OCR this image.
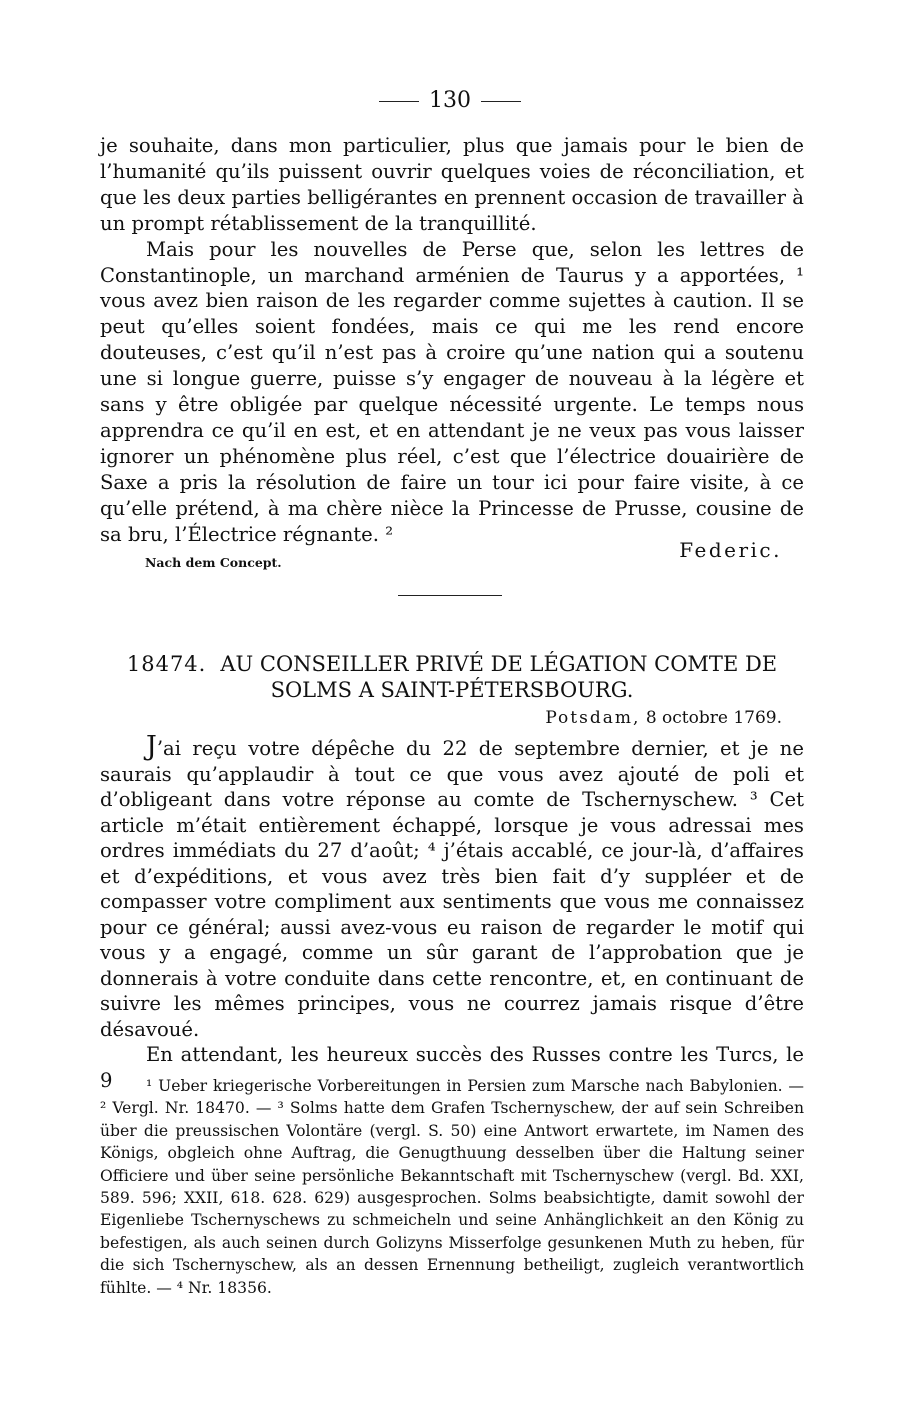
130

je souhaite, dans mon particulier, plus que jamais pour le bien de l’humanité qu’ils puissent ouvrir quelques voies de réconciliation, et que les deux parties belligérantes en prennent occasion de travailler à un prompt rétablissement de la tranquillité.

Mais pour les nouvelles de Perse que, selon les lettres de Constantinople, un marchand arménien de Taurus y a apportées, ¹ vous avez bien raison de les regarder comme sujettes à caution. Il se peut qu’elles soient fondées, mais ce qui me les rend encore douteuses, c’est qu’il n’est pas à croire qu’une nation qui a soutenu une si longue guerre, puisse s’y engager de nouveau à la légère et sans y être obligée par quelque nécessité urgente. Le temps nous apprendra ce qu’il en est, et en attendant je ne veux pas vous laisser ignorer un phénomène plus réel, c’est que l’électrice douairière de Saxe a pris la résolution de faire un tour ici pour faire visite, à ce qu’elle prétend, à ma chère nièce la Princesse de Prusse, cousine de sa bru, l’Électrice régnante. ²

Federic.
Nach dem Concept.
18474. AU CONSEILLER PRIVÉ DE LÉGATION COMTE DE SOLMS A SAINT-PÉTERSBOURG.
Potsdam, 8 octobre 1769.

J’ai reçu votre dépêche du 22 de septembre dernier, et je ne saurais qu’applaudir à tout ce que vous avez ajouté de poli et d’obligeant dans votre réponse au comte de Tschernyschew. ³ Cet article m’était entièrement échappé, lorsque je vous adressai mes ordres immédiats du 27 d’août; ⁴ j’étais accablé, ce jour-là, d’affaires et d’expéditions, et vous avez très bien fait d’y suppléer et de compasser votre compliment aux sentiments que vous me connaissez pour ce général; aussi avez-vous eu raison de regarder le motif qui vous y a engagé, comme un sûr garant de l’approbation que je donnerais à votre conduite dans cette rencontre, et, en continuant de suivre les mêmes principes, vous ne courrez jamais risque d’être désavoué.

En attendant, les heureux succès des Russes contre les Turcs, le 9	¹ Ueber kriegerische Vorbereitungen in Persien zum Marsche nach Babylonien. — ² Vergl. Nr. 18470. — ³ Solms hatte dem Grafen Tschernyschew, der auf sein Schreiben über die preussischen Volontäre (vergl. S. 50) eine Antwort erwartete, im Namen des Königs, obgleich ohne Auftrag, die Genugthuung desselben über die Haltung seiner Officiere und über seine persönliche Bekanntschaft mit Tschernyschew (vergl. Bd. XXI, 589. 596; XXII, 618. 628. 629) ausgesprochen. Solms beabsichtigte, damit sowohl der Eigenliebe Tschernyschews zu schmeicheln und seine Anhänglichkeit an den König zu befestigen, als auch seinen durch Golizyns Misserfolge gesunkenen Muth zu heben, für die sich Tschernyschew, als an dessen Ernennung betheiligt, zugleich verantwortlich fühlte. — ⁴ Nr. 18356.
